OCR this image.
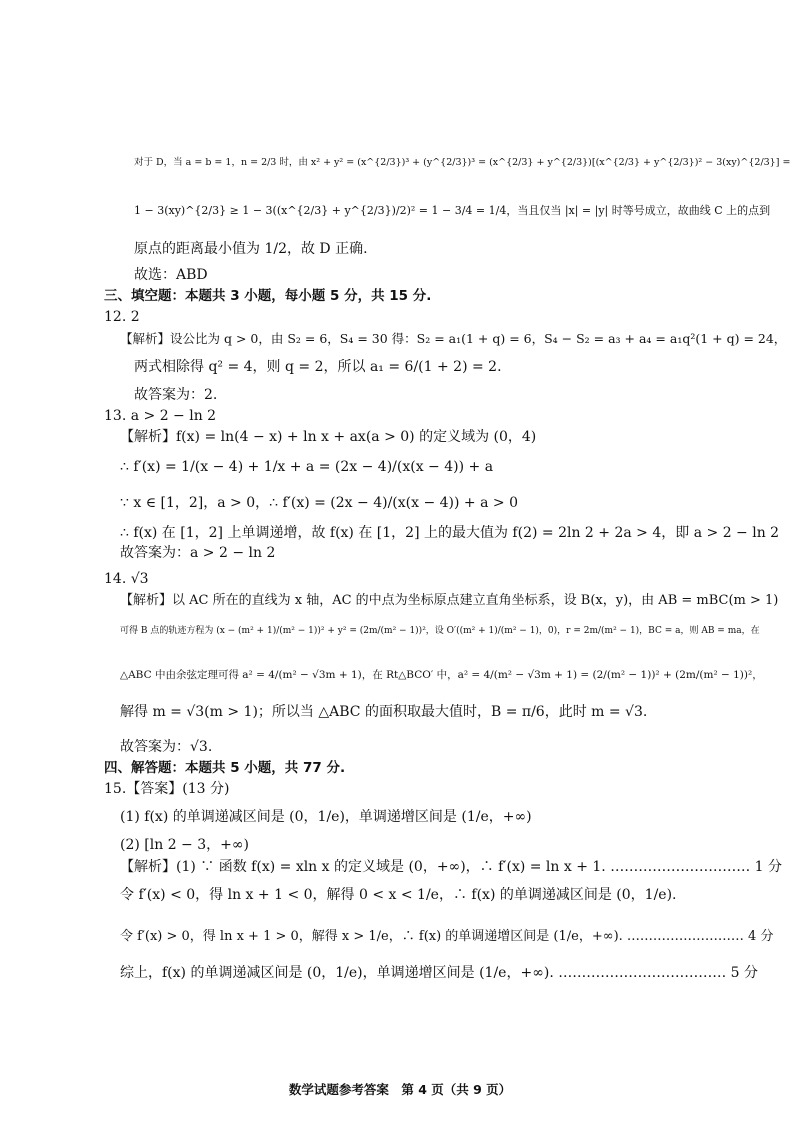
对于 D，当 a = b = 1，n = 2/3 时，由 x² + y² = (x^{2/3})³ + (y^{2/3})³ = (x^{2/3} + y^{2/3})[(x^{2/3} + y^{2/3})² − 3(xy)^{2/3}] =
1 − 3(xy)^{2/3} ≥ 1 − 3((x^{2/3} + y^{2/3})/2)² = 1 − 3/4 = 1/4，当且仅当 |x| = |y| 时等号成立，故曲线 C 上的点到
原点的距离最小值为 1/2，故 D 正确.
故选：ABD
三、填空题：本题共 3 小题，每小题 5 分，共 15 分.
12. 2
【解析】设公比为 q > 0，由 S₂ = 6，S₄ = 30 得：S₂ = a₁(1 + q) = 6，S₄ − S₂ = a₃ + a₄ = a₁q²(1 + q) = 24，
两式相除得 q² = 4，则 q = 2，所以 a₁ = 6/(1 + 2) = 2.
故答案为：2.
13. a > 2 − ln 2
【解析】f(x) = ln(4 − x) + ln x + ax(a > 0) 的定义域为 (0，4)
∴ f′(x) = 1/(x − 4) + 1/x + a = (2x − 4)/(x(x − 4)) + a
∵ x ∈ [1，2]，a > 0，∴ f′(x) = (2x − 4)/(x(x − 4)) + a > 0
∴ f(x) 在 [1，2] 上单调递增，故 f(x) 在 [1，2] 上的最大值为 f(2) = 2ln 2 + 2a > 4，即 a > 2 − ln 2
故答案为：a > 2 − ln 2
14. √3
【解析】以 AC 所在的直线为 x 轴，AC 的中点为坐标原点建立直角坐标系，设 B(x，y)，由 AB = mBC(m > 1)
可得 B 点的轨迹方程为 (x − (m² + 1)/(m² − 1))² + y² = (2m/(m² − 1))²，设 O′((m² + 1)/(m² − 1)，0)，r = 2m/(m² − 1)，BC = a，则 AB = ma，在
△ABC 中由余弦定理可得 a² = 4/(m² − √3m + 1)，在 Rt△BCO′ 中，a² = 4/(m² − √3m + 1) = (2/(m² − 1))² + (2m/(m² − 1))²，
解得 m = √3(m > 1)；所以当 △ABC 的面积取最大值时，B = π/6，此时 m = √3.
故答案为：√3.
四、解答题：本题共 5 小题，共 77 分.
15.【答案】(13 分)
(1) f(x) 的单调递减区间是 (0，1/e)，单调递增区间是 (1/e，+∞)
(2) [ln 2 − 3，+∞)
【解析】(1) ∵ 函数 f(x) = xln x 的定义域是 (0，+∞)，∴ f′(x) = ln x + 1. ………………………… 1 分
令 f′(x) < 0，得 ln x + 1 < 0，解得 0 < x < 1/e，∴ f(x) 的单调递减区间是 (0，1/e).
令 f′(x) > 0，得 ln x + 1 > 0，解得 x > 1/e，∴ f(x) 的单调递增区间是 (1/e，+∞). ……………………… 4 分
综上，f(x) 的单调递减区间是 (0，1/e)，单调递增区间是 (1/e，+∞). ……………………………… 5 分
数学试题参考答案　第 4 页（共 9 页）
